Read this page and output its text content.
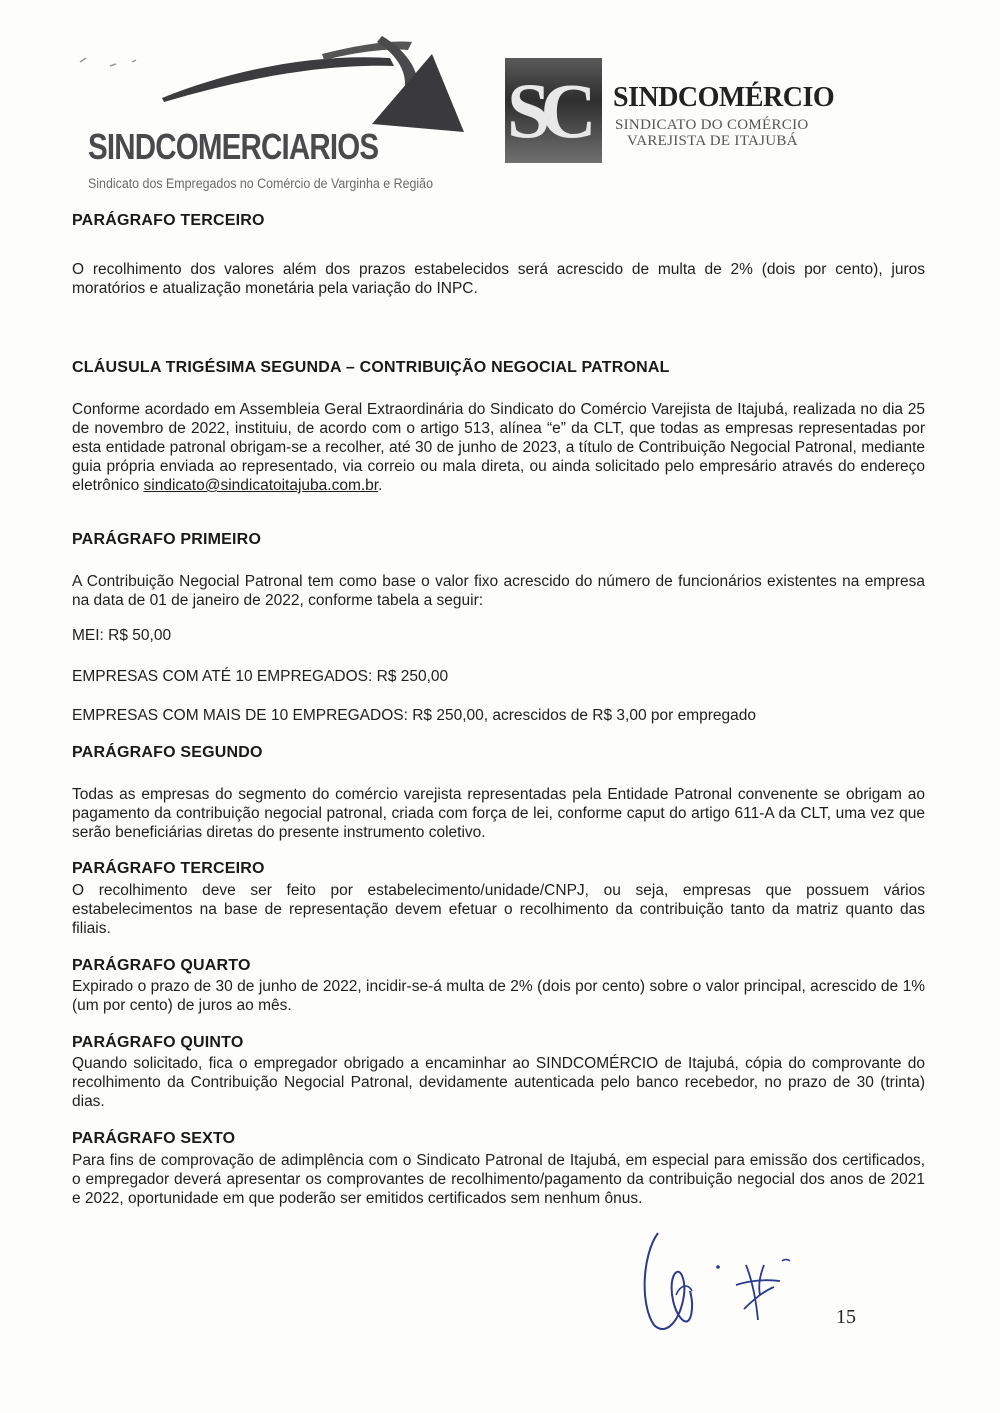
SINDCOMERCIARIOS
Sindicato dos Empregados no Comércio de Varginha e Região
SC SINDCOMÉRCIO
SINDICATO DO COMÉRCIO
VAREJISTA DE ITAJUBÁ
PARÁGRAFO TERCEIRO
O recolhimento dos valores além dos prazos estabelecidos será acrescido de multa de 2% (dois por cento), juros moratórios e atualização monetária pela variação do INPC.
CLÁUSULA TRIGÉSIMA SEGUNDA – CONTRIBUIÇÃO NEGOCIAL PATRONAL
Conforme acordado em Assembleia Geral Extraordinária do Sindicato do Comércio Varejista de Itajubá, realizada no dia 25 de novembro de 2022, instituiu, de acordo com o artigo 513, alínea “e” da CLT, que todas as empresas representadas por esta entidade patronal obrigam-se a recolher, até 30 de junho de 2023, a título de Contribuição Negocial Patronal, mediante guia própria enviada ao representado, via correio ou mala direta, ou ainda solicitado pelo empresário através do endereço eletrônico sindicato@sindicatoitajuba.com.br.
PARÁGRAFO PRIMEIRO
A Contribuição Negocial Patronal tem como base o valor fixo acrescido do número de funcionários existentes na empresa na data de 01 de janeiro de 2022, conforme tabela a seguir:
MEI: R$ 50,00
EMPRESAS COM ATÉ 10 EMPREGADOS: R$ 250,00
EMPRESAS COM MAIS DE 10 EMPREGADOS: R$ 250,00, acrescidos de R$ 3,00 por empregado
PARÁGRAFO SEGUNDO
Todas as empresas do segmento do comércio varejista representadas pela Entidade Patronal convenente se obrigam ao pagamento da contribuição negocial patronal, criada com força de lei, conforme caput do artigo 611-A da CLT, uma vez que serão beneficiárias diretas do presente instrumento coletivo.
PARÁGRAFO TERCEIRO
O recolhimento deve ser feito por estabelecimento/unidade/CNPJ, ou seja, empresas que possuem vários estabelecimentos na base de representação devem efetuar o recolhimento da contribuição tanto da matriz quanto das filiais.
PARÁGRAFO QUARTO
Expirado o prazo de 30 de junho de 2022, incidir-se-á multa de 2% (dois por cento) sobre o valor principal, acrescido de 1% (um por cento) de juros ao mês.
PARÁGRAFO QUINTO
Quando solicitado, fica o empregador obrigado a encaminhar ao SINDCOMÉRCIO de Itajubá, cópia do comprovante do recolhimento da Contribuição Negocial Patronal, devidamente autenticada pelo banco recebedor, no prazo de 30 (trinta) dias.
PARÁGRAFO SEXTO
Para fins de comprovação de adimplência com o Sindicato Patronal de Itajubá, em especial para emissão dos certificados, o empregador deverá apresentar os comprovantes de recolhimento/pagamento da contribuição negocial dos anos de 2021 e 2022, oportunidade em que poderão ser emitidos certificados sem nenhum ônus.
15
